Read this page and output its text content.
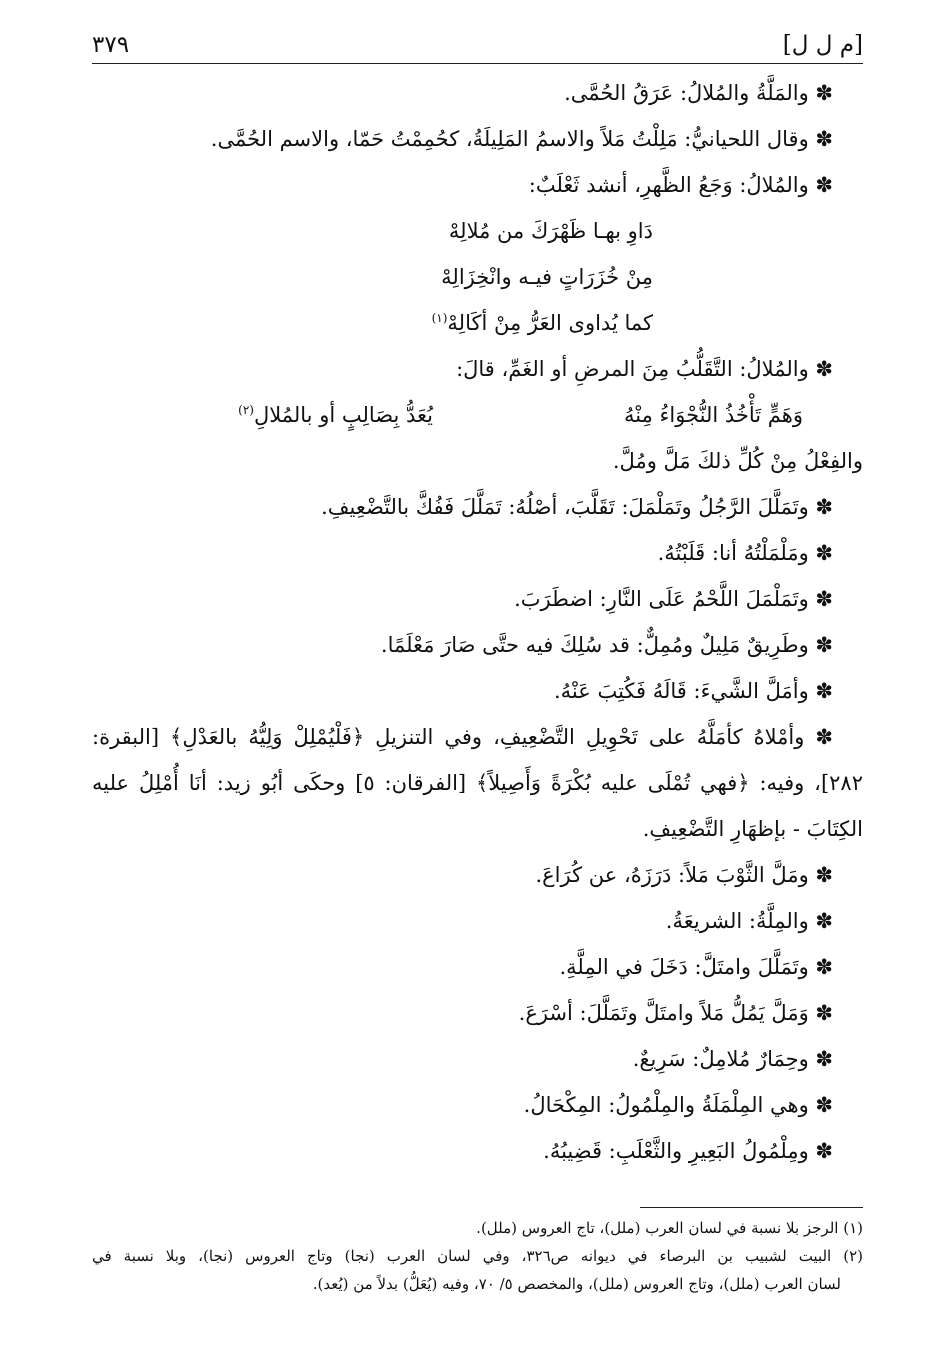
[م ل ل]
٣٧٩
✽ والمَلَّةُ والمُلالُ: عَرَقُ الحُمَّى.
✽ وقال اللحيانيُّ: مَلِلْتُ مَلاً والاسمُ المَلِيلَةُ، كحُمِمْتُ حَمّا، والاسم الحُمَّى.
✽ والمُلالُ: وَجَعُ الظَّهرِ، أنشد ثَعْلَبٌ:
دَاوِ بهـا ظَهْرَكَ من مُلالِهْ
مِنْ خُزَرَاتٍ فيـه وانْخِزَالِهْ
كما يُداوى العَرُّ مِنْ أكَالِهْ$^{(١)}$
✽ والمُلالُ: التَّقَلُّبُ مِنَ المرضِ أو الغَمِّ، قالَ:
وَهَمٍّ تَأْخُذُ النُّجْوَاءُ مِنْهُ
يُعَدُّ بِصَالِبٍ أو بالمُلالِ$^{(٢)}$
والفِعْلُ مِنْ كُلِّ ذلكَ مَلَّ ومُلَّ.
✽ وتَمَلَّلَ الرَّجُلُ وتَمَلْمَلَ: تَقَلَّبَ، أصْلُهُ: تَمَلَّلَ فَفُكَّ بالتَّضْعِيفِ.
✽ ومَلْمَلْتُهُ أنا: قَلَبْتُهُ.
✽ وتَمَلْمَلَ اللَّحْمُ عَلَى النَّارِ: اضطَرَبَ.
✽ وطَرِيقٌ مَلِيلٌ ومُمِلٌّ: قد سُلِكَ فيه حتَّى صَارَ مَعْلَمًا.
✽ وأمَلَّ الشَّيءَ: قَالَهُ فَكُتِبَ عَنْهُ.
✽ وأمْلاهُ كأمَلَّهُ على تَحْوِيلِ التَّضْعِيفِ، وفي التنزيلِ ﴿فَلْيُمْلِلْ وَلِيُّهُ بالعَدْلِ﴾ [البقرة:
٢٨٢]، وفيه: ﴿فهي تُمْلَى عليه بُكْرَةً وَأَصِيلاً﴾ [الفرقان: ٥] وحكَى أبُو زيد: أنَا أُمْلِلُ عليه
الكِتَابَ - بإظهَارِ التَّضْعِيفِ.
✽ ومَلَّ الثَّوْبَ مَلاً: دَرَزَهُ، عن كُرَاعَ.
✽ والمِلَّةُ: الشريعَةُ.
✽ وتَمَلَّلَ وامتَلَّ: دَخَلَ في المِلَّةِ.
✽ وَمَلَّ يَمُلُّ مَلاً وامتَلَّ وتَمَلَّلَ: أسْرَعَ.
✽ وحِمَارٌ مُلامِلٌ: سَرِيعٌ.
✽ وهي المِلْمَلَةُ والمِلْمُولُ: المِكْحَالُ.
✽ ومِلْمُولُ البَعِيرِ والثَّعْلَبِ: قَضِيبُهُ.
(١) الرجز بلا نسبة في لسان العرب (ملل)، تاج العروس (ملل).
(٢) البيت لشبيب بن البرصاء في ديوانه ص٣٢٦، وفي لسان العرب (نجا) وتاج العروس (نجا)، وبلا نسبة في
لسان العرب (ملل)، وتاج العروس (ملل)، والمخصص ٥/ ٧٠، وفيه (يُعَلُّ) بدلاً من (يُعد).
